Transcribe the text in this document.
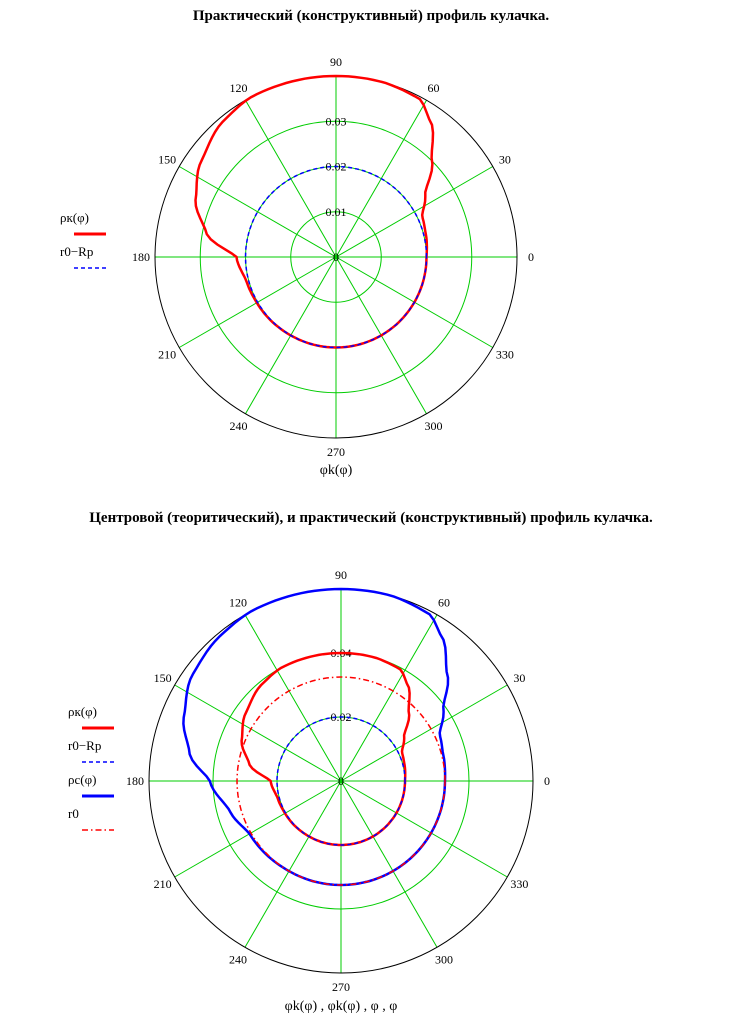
Практический (конструктивный) профиль кулачка.
Центровой (теоритический), и практический (конструктивный) профиль кулачка.
0
30
60
90
120
150
180
210
240
270
300
330
0
0.01
0.02
0.03
φk(φ)
ρк(φ)
r0−Rp
0
30
60
90
120
150
180
210
240
270
300
330
0
0.02
0.04
φk(φ) , φk(φ) , φ , φ
ρк(φ)
r0−Rp
ρс(φ)
r0
